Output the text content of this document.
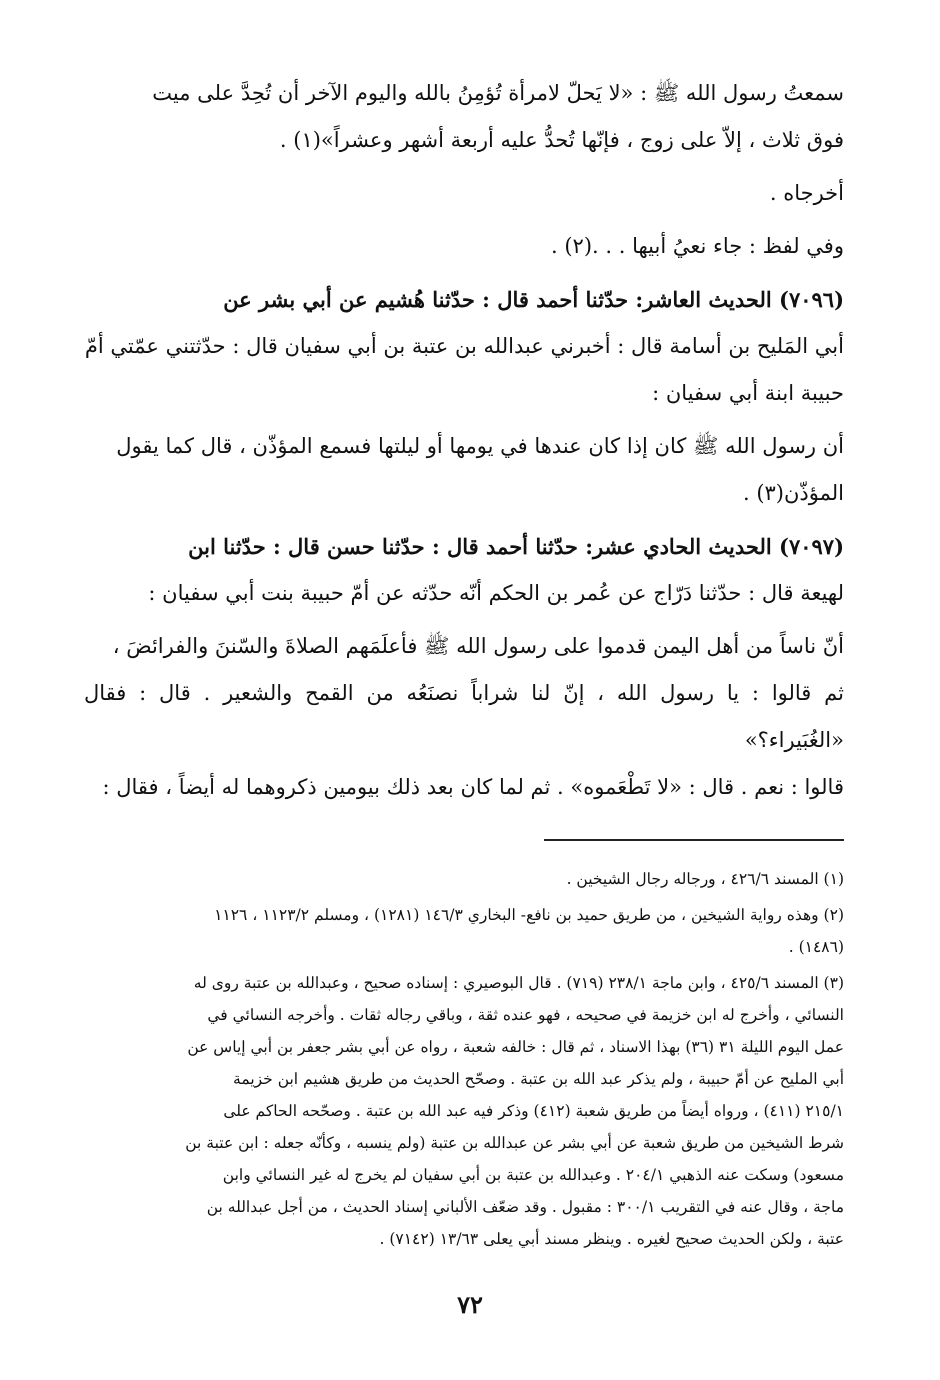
سمعتُ رسول الله ﷺ : «لا يَحلّ لامرأة تُؤمِنُ بالله واليوم الآخر أن تُحِدَّ على ميت

فوق ثلاث ، إلاّ على زوج ، فإنّها تُحدُّ عليه أربعة أشهر وعشراً»(١) .

أخرجاه .

وفي لفظ : جاء نعيُ أبيها . . .(٢) .

(٧٠٩٦) الحديث العاشر: حدّثنا أحمد قال : حدّثنا هُشيم عن أبي بشر عن

أبي المَليح بن أسامة قال : أخبرني عبدالله بن عتبة بن أبي سفيان قال : حدّثتني عمّتي أمّ

حبيبة ابنة أبي سفيان :

أن رسول الله ﷺ كان إذا كان عندها في يومها أو ليلتها فسمع المؤذّن ، قال كما يقول

المؤذّن(٣) .

(٧٠٩٧) الحديث الحادي عشر: حدّثنا أحمد قال : حدّثنا حسن قال : حدّثنا ابن

لهيعة قال : حدّثنا دَرّاج عن عُمر بن الحكم أنّه حدّثه عن أمّ حبيبة بنت أبي سفيان :

أنّ ناساً من أهل اليمن قدموا على رسول الله ﷺ فأعلَمَهم الصلاةَ والسّننَ والفرائضَ ،

ثم قالوا : يا رسول الله ، إنّ لنا شراباً نصنَعُه من القمح والشعير . قال : فقال «الغُبَيراء؟»

قالوا : نعم . قال : «لا تَطْعَموه» . ثم لما كان بعد ذلك بيومين ذكروهما له أيضاً ، فقال :

(١) المسند ٤٢٦/٦ ، ورجاله رجال الشيخين .

(٢) وهذه رواية الشيخين ، من طريق حميد بن نافع- البخاري ١٤٦/٣ (١٢٨١) ، ومسلم ١١٢٣/٢ ، ١١٢٦

(١٤٨٦) .

(٣) المسند ٤٢٥/٦ ، وابن ماجة ٢٣٨/١ (٧١٩) . قال البوصيري : إسناده صحيح ، وعبدالله بن عتبة روى له

النسائي ، وأخرج له ابن خزيمة في صحيحه ، فهو عنده ثقة ، وباقي رجاله ثقات . وأخرجه النسائي في

عمل اليوم الليلة ٣١ (٣٦) بهذا الاسناد ، ثم قال : خالفه شعبة ، رواه عن أبي بشر جعفر بن أبي إياس عن

أبي المليح عن أمّ حبيبة ، ولم يذكر عبد الله بن عتبة . وصحّح الحديث من طريق هشيم ابن خزيمة

٢١٥/١ (٤١١) ، ورواه أيضاً من طريق شعبة (٤١٢) وذكر فيه عبد الله بن عتبة . وصحّحه الحاكم على

شرط الشيخين من طريق شعبة عن أبي بشر عن عبدالله بن عتبة (ولم ينسبه ، وكأنّه جعله : ابن عتبة بن

مسعود) وسكت عنه الذهبي ٢٠٤/١ . وعبدالله بن عتبة بن أبي سفيان لم يخرج له غير النسائي وابن

ماجة ، وقال عنه في التقريب ٣٠٠/١ : مقبول . وقد ضعّف الألباني إسناد الحديث ، من أجل عبدالله بن

عتبة ، ولكن الحديث صحيح لغيره . وينظر مسند أبي يعلى ١٣/٦٣ (٧١٤٢) .

٧٢
